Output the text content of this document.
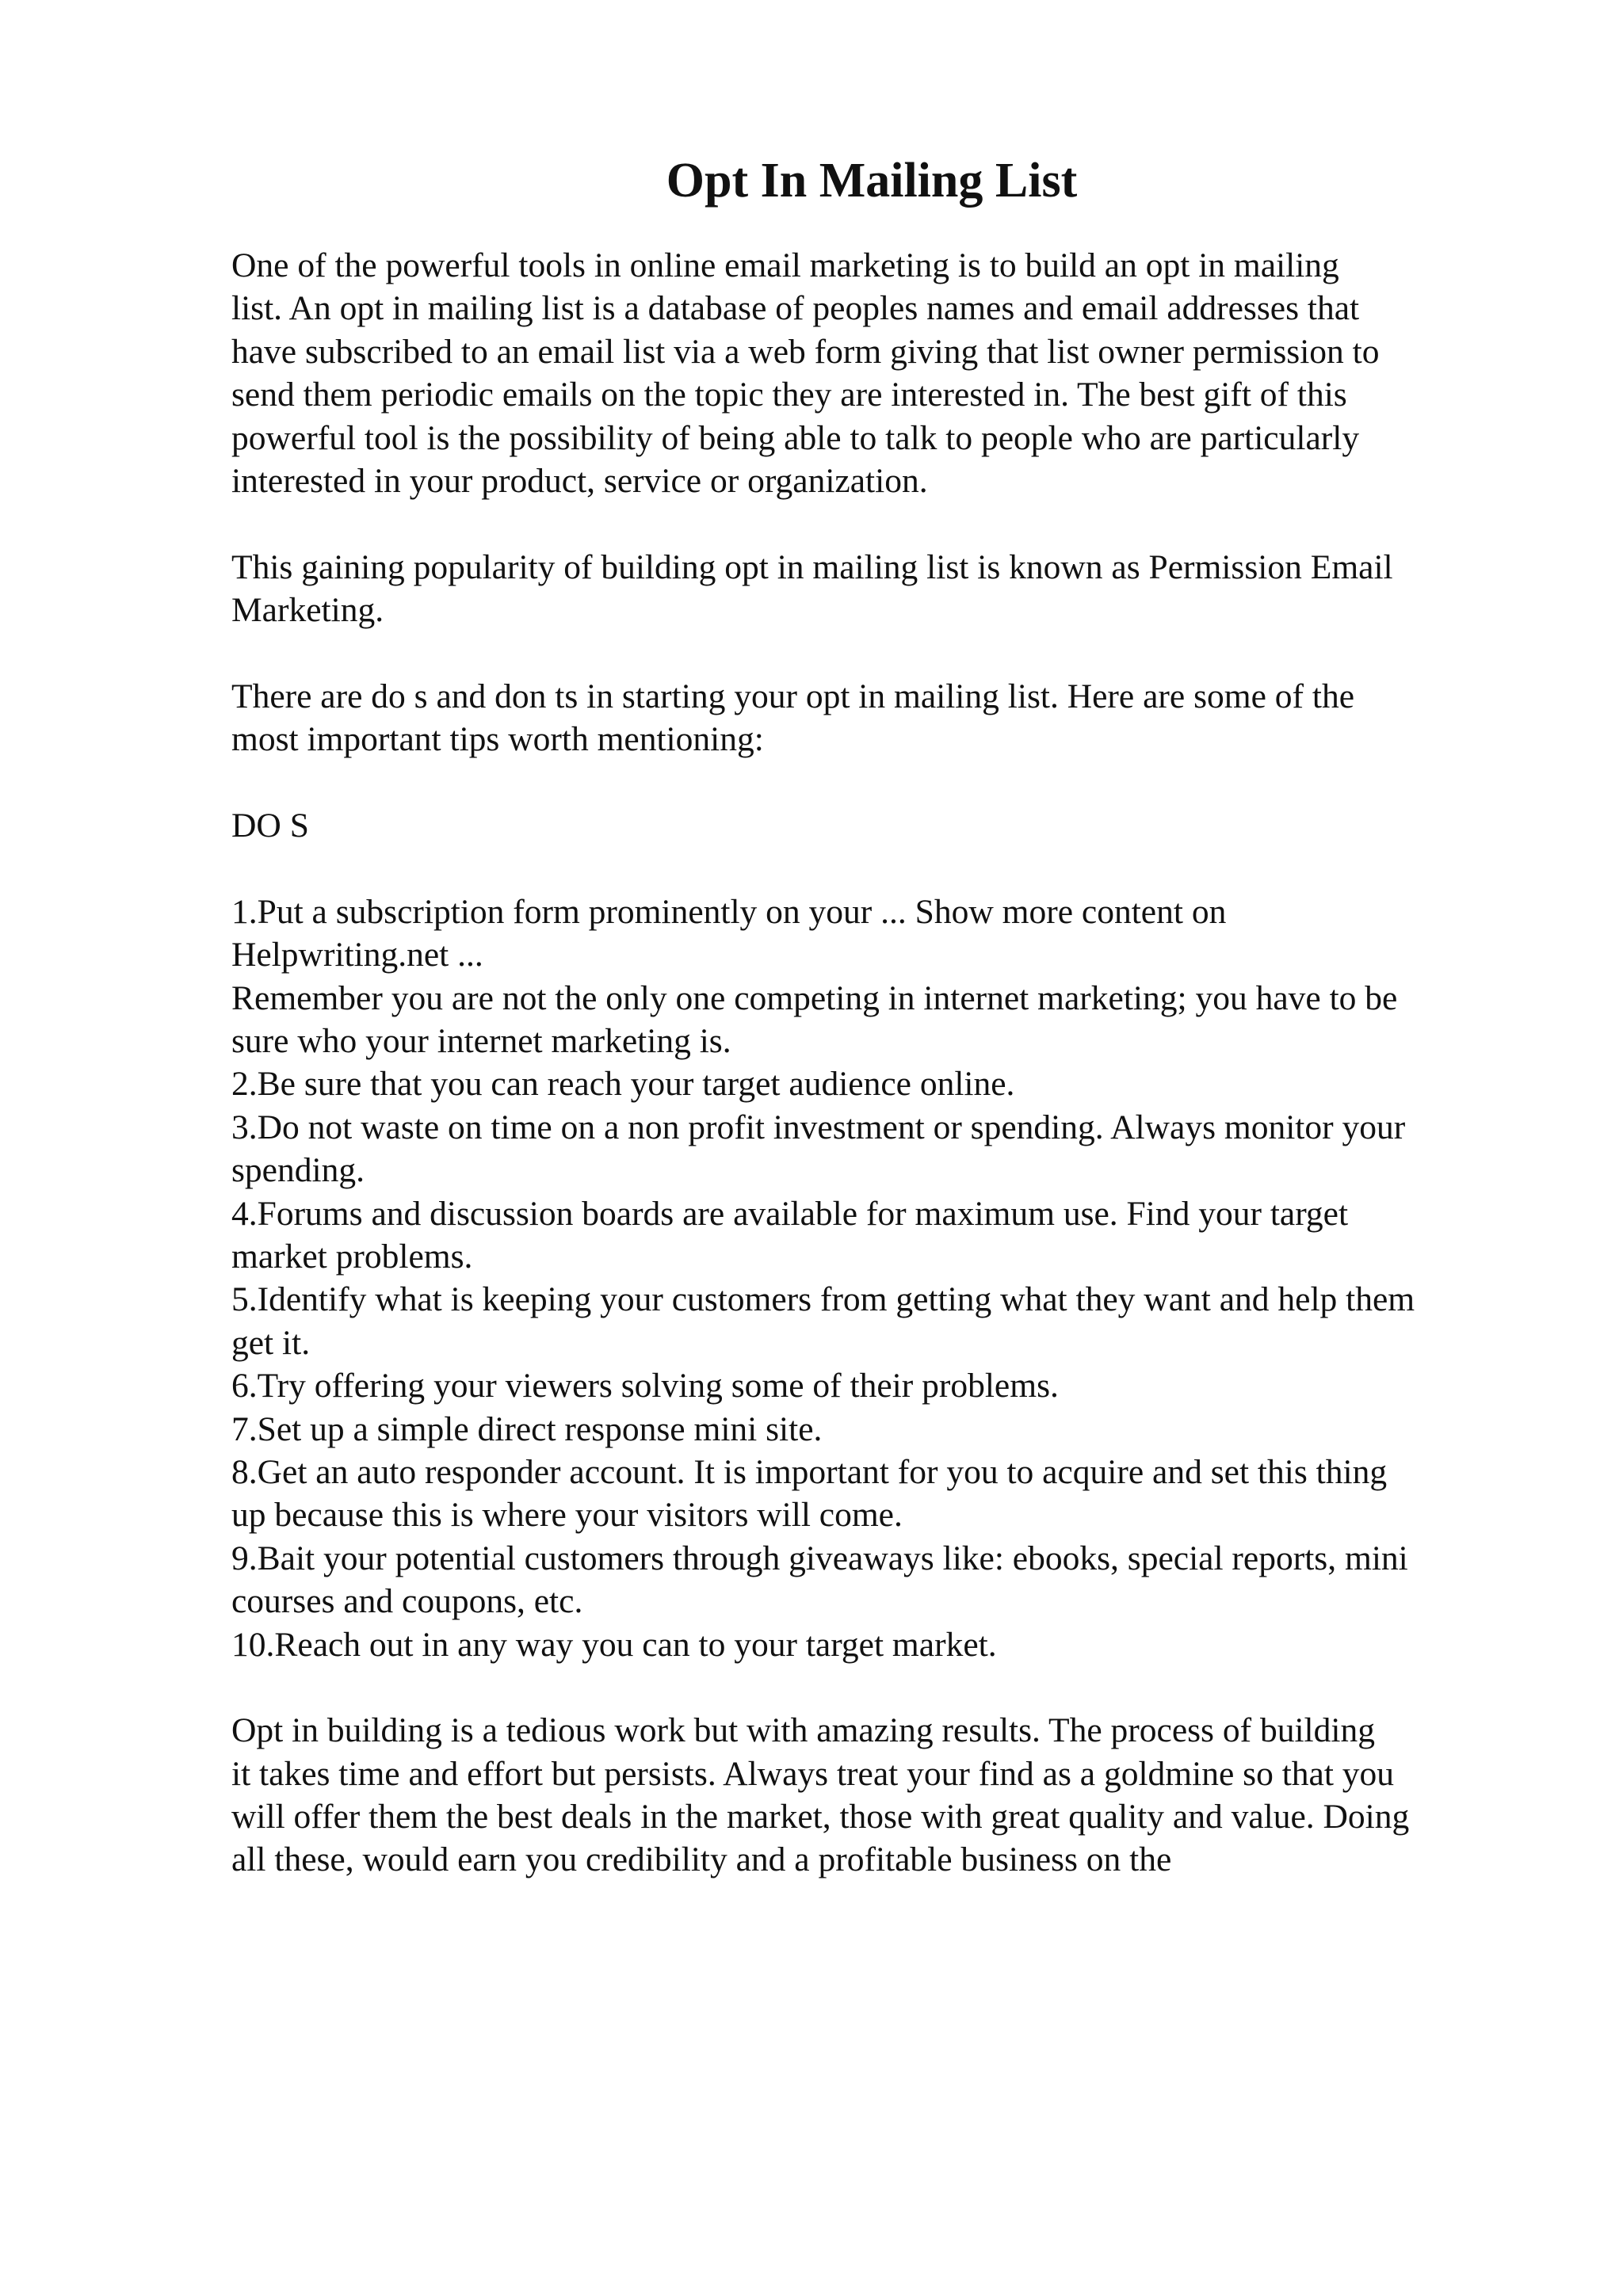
Opt In Mailing List
One of the powerful tools in online email marketing is to build an opt in mailing
list. An opt in mailing list is a database of peoples names and email addresses that
have subscribed to an email list via a web form giving that list owner permission to
send them periodic emails on the topic they are interested in. The best gift of this
powerful tool is the possibility of being able to talk to people who are particularly
interested in your product, service or organization.
This gaining popularity of building opt in mailing list is known as Permission Email
Marketing.
There are do s and don ts in starting your opt in mailing list. Here are some of the
most important tips worth mentioning:
DO S
1.Put a subscription form prominently on your ... Show more content on
Helpwriting.net ...
Remember you are not the only one competing in internet marketing; you have to be
sure who your internet marketing is.
2.Be sure that you can reach your target audience online.
3.Do not waste on time on a non profit investment or spending. Always monitor your
spending.
4.Forums and discussion boards are available for maximum use. Find your target
market problems.
5.Identify what is keeping your customers from getting what they want and help them
get it.
6.Try offering your viewers solving some of their problems.
7.Set up a simple direct response mini site.
8.Get an auto responder account. It is important for you to acquire and set this thing
up because this is where your visitors will come.
9.Bait your potential customers through giveaways like: ebooks, special reports, mini
courses and coupons, etc.
10.Reach out in any way you can to your target market.
Opt in building is a tedious work but with amazing results. The process of building
it takes time and effort but persists. Always treat your find as a goldmine so that you
will offer them the best deals in the market, those with great quality and value. Doing
all these, would earn you credibility and a profitable business on the
